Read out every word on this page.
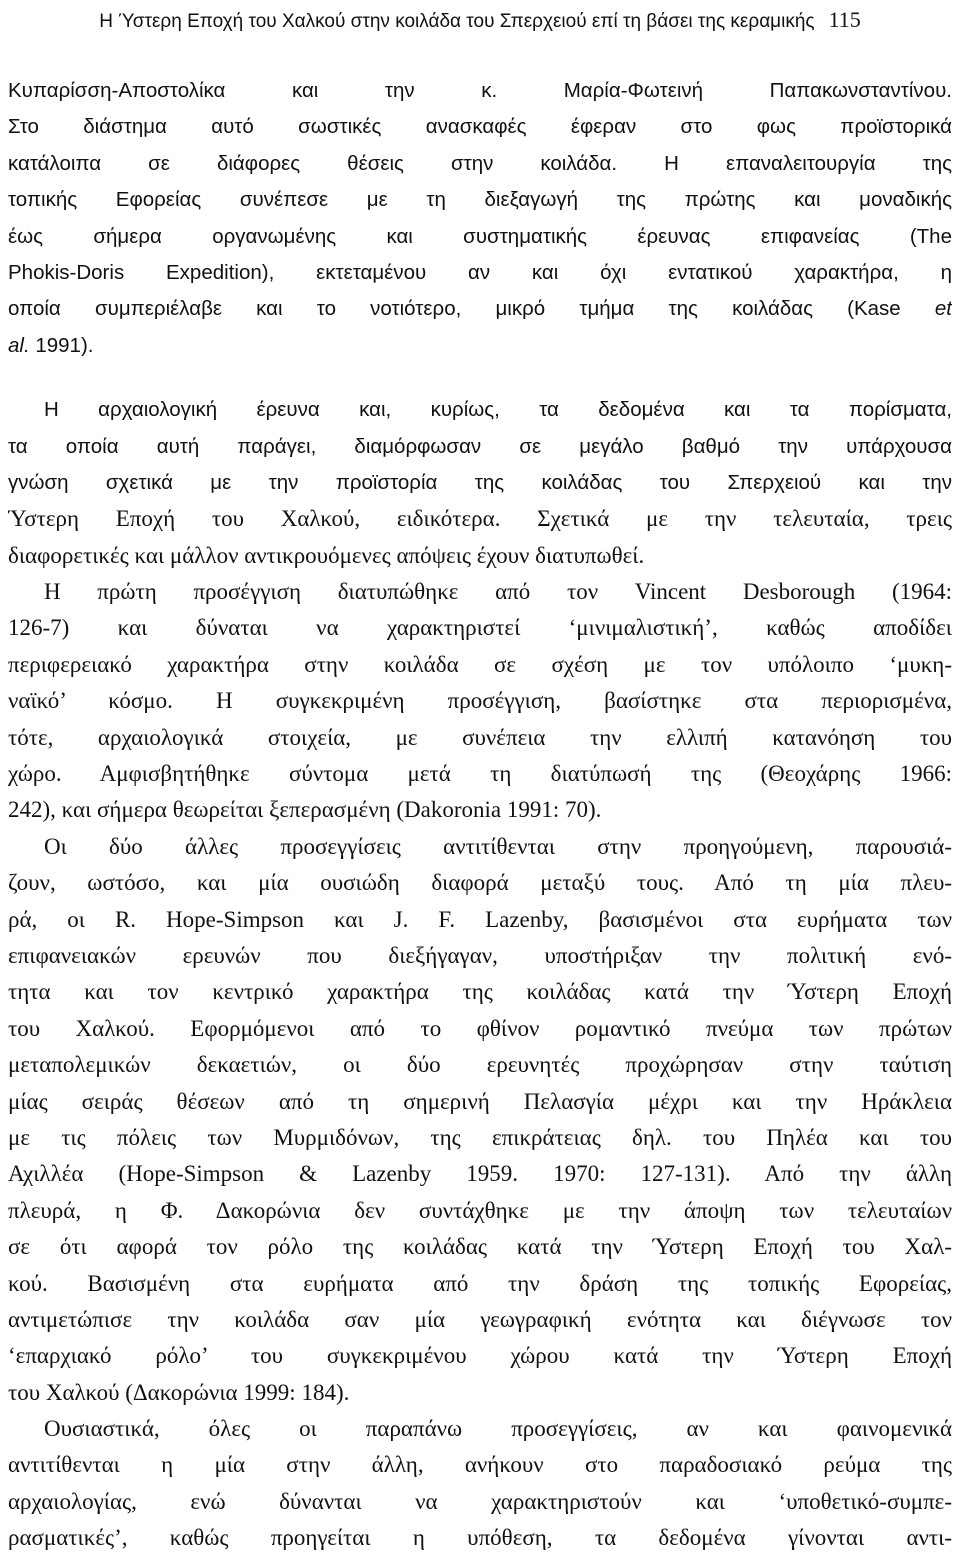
Η Ύστερη Εποχή του Χαλκού στην κοιλάδα του Σπερχειού επί τη βάσει της κεραμικής 115
Κυπαρίσση-Αποστολίκα και την κ. Μαρία-Φωτεινή Παπακωνσταντίνου.
Στο διάστημα αυτό σωστικές ανασκαφές έφεραν στο φως προϊστορικά
κατάλοιπα σε διάφορες θέσεις στην κοιλάδα. Η επαναλειτουργία της
τοπικής Εφορείας συνέπεσε με τη διεξαγωγή της πρώτης και μοναδικής
έως σήμερα οργανωμένης και συστηματικής έρευνας επιφανείας (The
Phokis-Doris Expedition), εκτεταμένου αν και όχι εντατικού χαρακτήρα, η
οποία συμπεριέλαβε και το νοτιότερο, μικρό τμήμα της κοιλάδας (Kase et
al. 1991).
Η αρχαιολογική έρευνα και, κυρίως, τα δεδομένα και τα πορίσματα,
τα οποία αυτή παράγει, διαμόρφωσαν σε μεγάλο βαθμό την υπάρχουσα
γνώση σχετικά με την προϊστορία της κοιλάδας του Σπερχειού και την
Ύστερη Εποχή του Χαλκού, ειδικότερα. Σχετικά με την τελευταία, τρεις
διαφορετικές και μάλλον αντικρουόμενες απόψεις έχουν διατυπωθεί.
Η πρώτη προσέγγιση διατυπώθηκε από τον Vincent Desborough (1964:
126-7) και δύναται να χαρακτηριστεί ‘μινιμαλιστική’, καθώς αποδίδει
περιφερειακό χαρακτήρα στην κοιλάδα σε σχέση με τον υπόλοιπο ‘μυκη-
ναϊκό’ κόσμο. Η συγκεκριμένη προσέγγιση, βασίστηκε στα περιορισμένα,
τότε, αρχαιολογικά στοιχεία, με συνέπεια την ελλιπή κατανόηση του
χώρο. Αμφισβητήθηκε σύντομα μετά τη διατύπωσή της (Θεοχάρης 1966:
242), και σήμερα θεωρείται ξεπερασμένη (Dakoronia 1991: 70).
Οι δύο άλλες προσεγγίσεις αντιτίθενται στην προηγούμενη, παρουσιά-
ζουν, ωστόσο, και μία ουσιώδη διαφορά μεταξύ τους. Από τη μία πλευ-
ρά, οι R. Hope-Simpson και J. F. Lazenby, βασισμένοι στα ευρήματα των
επιφανειακών ερευνών που διεξήγαγαν, υποστήριξαν την πολιτική ενό-
τητα και τον κεντρικό χαρακτήρα της κοιλάδας κατά την Ύστερη Εποχή
του Χαλκού. Εφορμόμενοι από το φθίνον ρομαντικό πνεύμα των πρώτων
μεταπολεμικών δεκαετιών, οι δύο ερευνητές προχώρησαν στην ταύτιση
μίας σειράς θέσεων από τη σημερινή Πελασγία μέχρι και την Ηράκλεια
με τις πόλεις των Μυρμιδόνων, της επικράτειας δηλ. του Πηλέα και του
Αχιλλέα (Hope-Simpson & Lazenby 1959. 1970: 127-131). Από την άλλη
πλευρά, η Φ. Δακορώνια δεν συντάχθηκε με την άποψη των τελευταίων
σε ότι αφορά τον ρόλο της κοιλάδας κατά την Ύστερη Εποχή του Χαλ-
κού. Βασισμένη στα ευρήματα από την δράση της τοπικής Εφορείας,
αντιμετώπισε την κοιλάδα σαν μία γεωγραφική ενότητα και διέγνωσε τον
‘επαρχιακό ρόλο’ του συγκεκριμένου χώρου κατά την Ύστερη Εποχή
του Χαλκού (Δακορώνια 1999: 184).
Ουσιαστικά, όλες οι παραπάνω προσεγγίσεις, αν και φαινομενικά
αντιτίθενται η μία στην άλλη, ανήκουν στο παραδοσιακό ρεύμα της
αρχαιολογίας, ενώ δύνανται να χαρακτηριστούν και ‘υποθετικό-συμπε-
ρασματικές’, καθώς προηγείται η υπόθεση, τα δεδομένα γίνονται αντι-
